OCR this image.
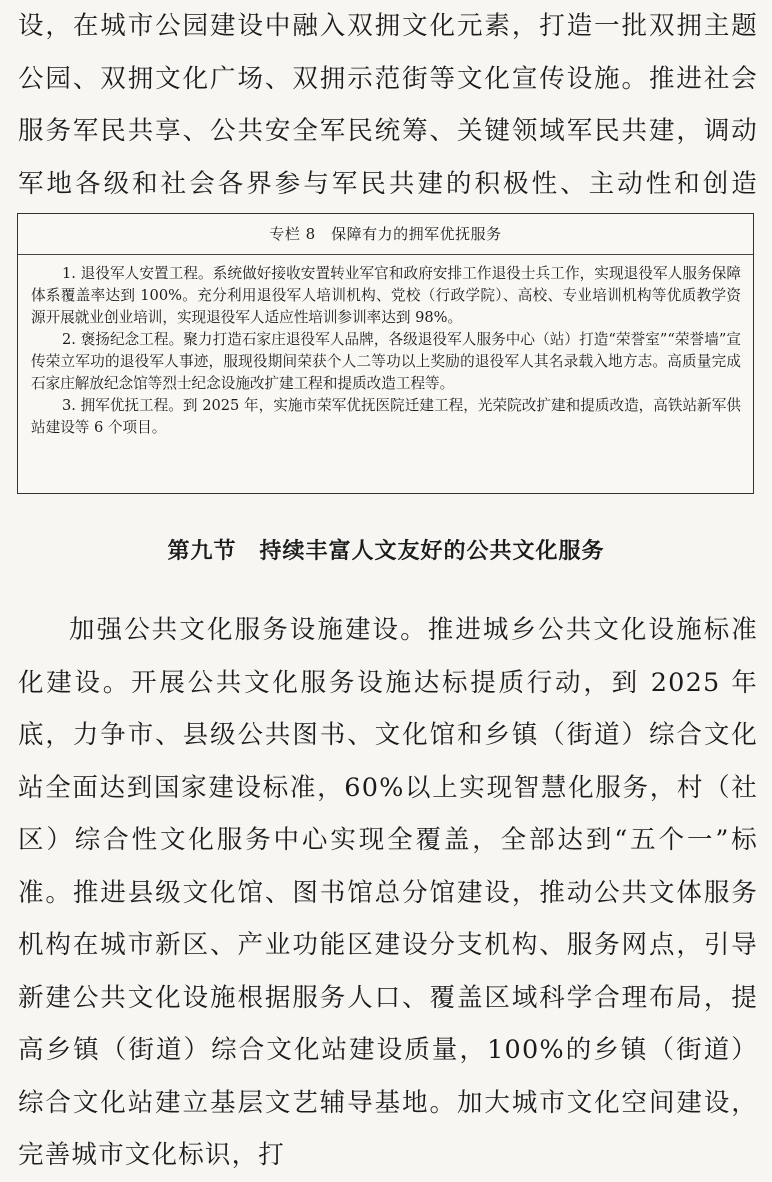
设，在城市公园建设中融入双拥文化元素，打造一批双拥主题公园、双拥文化广场、双拥示范街等文化宣传设施。推进社会服务军民共享、公共安全军民统筹、关键领域军民共建，调动军地各级和社会各界参与军民共建的积极性、主动性和创造

专栏 8　保障有力的拥军优抚服务

1. 退役军人安置工程。系统做好接收安置转业军官和政府安排工作退役士兵工作，实现退役军人服务保障体系覆盖率达到 100%。充分利用退役军人培训机构、党校（行政学院）、高校、专业培训机构等优质教学资源开展就业创业培训，实现退役军人适应性培训参训率达到 98%。

2. 褒扬纪念工程。聚力打造石家庄退役军人品牌，各级退役军人服务中心（站）打造“荣誉室”“荣誉墙”宣传荣立军功的退役军人事迹，服现役期间荣获个人二等功以上奖励的退役军人其名录载入地方志。高质量完成石家庄解放纪念馆等烈士纪念设施改扩建工程和提质改造工程等。

3. 拥军优抚工程。到 2025 年，实施市荣军优抚医院迁建工程，光荣院改扩建和提质改造，高铁站新军供站建设等 6 个项目。

第九节　持续丰富人文友好的公共文化服务

加强公共文化服务设施建设。推进城乡公共文化设施标准化建设。开展公共文化服务设施达标提质行动，到 2025 年底，力争市、县级公共图书、文化馆和乡镇（街道）综合文化站全面达到国家建设标准，60%以上实现智慧化服务，村（社区）综合性文化服务中心实现全覆盖，全部达到“五个一”标准。推进县级文化馆、图书馆总分馆建设，推动公共文体服务机构在城市新区、产业功能区建设分支机构、服务网点，引导新建公共文化设施根据服务人口、覆盖区域科学合理布局，提高乡镇（街道）综合文化站建设质量，100%的乡镇（街道）综合文化站建立基层文艺辅导基地。加大城市文化空间建设，完善城市文化标识，打
